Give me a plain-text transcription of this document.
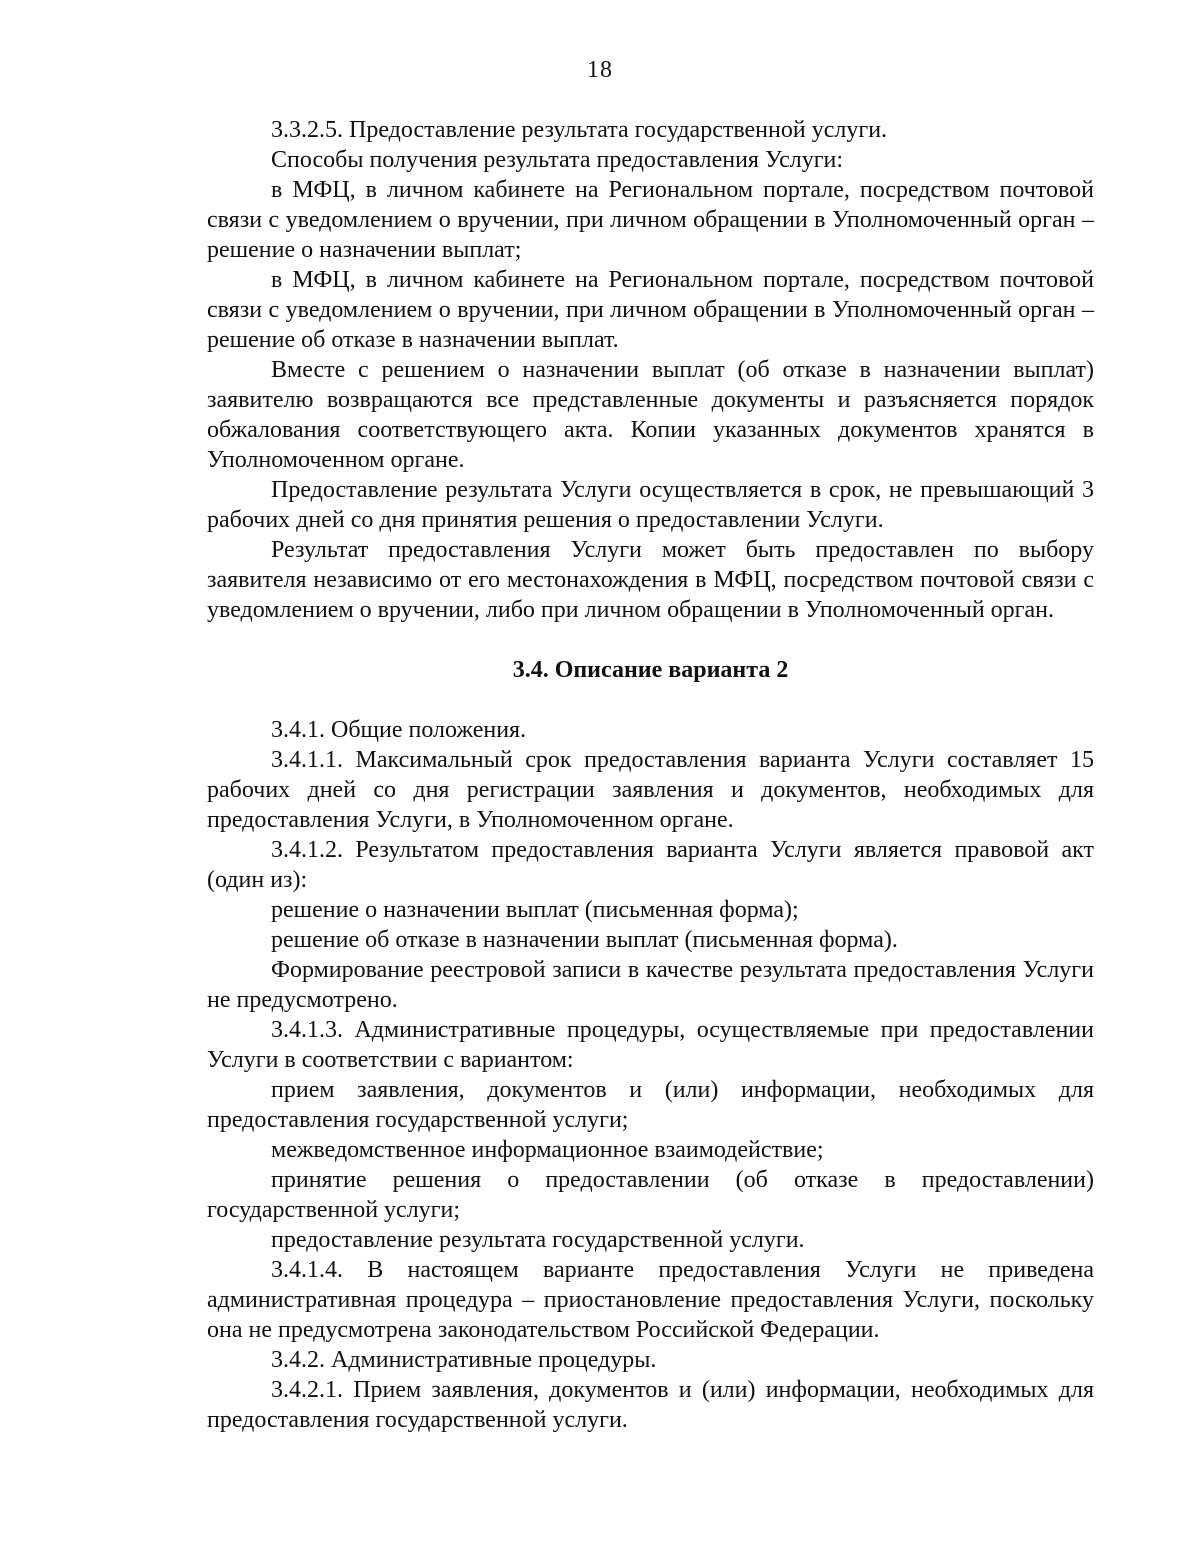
18

3.3.2.5. Предоставление результата государственной услуги.

Способы получения результата предоставления Услуги:

в МФЦ, в личном кабинете на Региональном портале, посредством почтовой связи с уведомлением о вручении, при личном обращении в Уполномоченный орган – решение о назначении выплат;

в МФЦ, в личном кабинете на Региональном портале, посредством почтовой связи с уведомлением о вручении, при личном обращении в Уполномоченный орган – решение об отказе в назначении выплат.

Вместе с решением о назначении выплат (об отказе в назначении выплат) заявителю возвращаются все представленные документы и разъясняется порядок обжалования соответствующего акта. Копии указанных документов хранятся в Уполномоченном органе.

Предоставление результата Услуги осуществляется в срок, не превышающий 3 рабочих дней со дня принятия решения о предоставлении Услуги.

Результат предоставления Услуги может быть предоставлен по выбору заявителя независимо от его местонахождения в МФЦ, посредством почтовой связи с уведомлением о вручении, либо при личном обращении в Уполномоченный орган.

3.4. Описание варианта 2

3.4.1. Общие положения.

3.4.1.1. Максимальный срок предоставления варианта Услуги составляет 15 рабочих дней со дня регистрации заявления и документов, необходимых для предоставления Услуги, в Уполномоченном органе.

3.4.1.2. Результатом предоставления варианта Услуги является правовой акт (один из):

решение о назначении выплат (письменная форма);

решение об отказе в назначении выплат (письменная форма).

Формирование реестровой записи в качестве результата предоставления Услуги не предусмотрено.

3.4.1.3. Административные процедуры, осуществляемые при предоставлении Услуги в соответствии с вариантом:

прием заявления, документов и (или) информации, необходимых для предоставления государственной услуги;

межведомственное информационное взаимодействие;

принятие решения о предоставлении (об отказе в предоставлении) государственной услуги;

предоставление результата государственной услуги.

3.4.1.4. В настоящем варианте предоставления Услуги не приведена административная процедура – приостановление предоставления Услуги, поскольку она не предусмотрена законодательством Российской Федерации.

3.4.2. Административные процедуры.

3.4.2.1. Прием заявления, документов и (или) информации, необходимых для предоставления государственной услуги.
